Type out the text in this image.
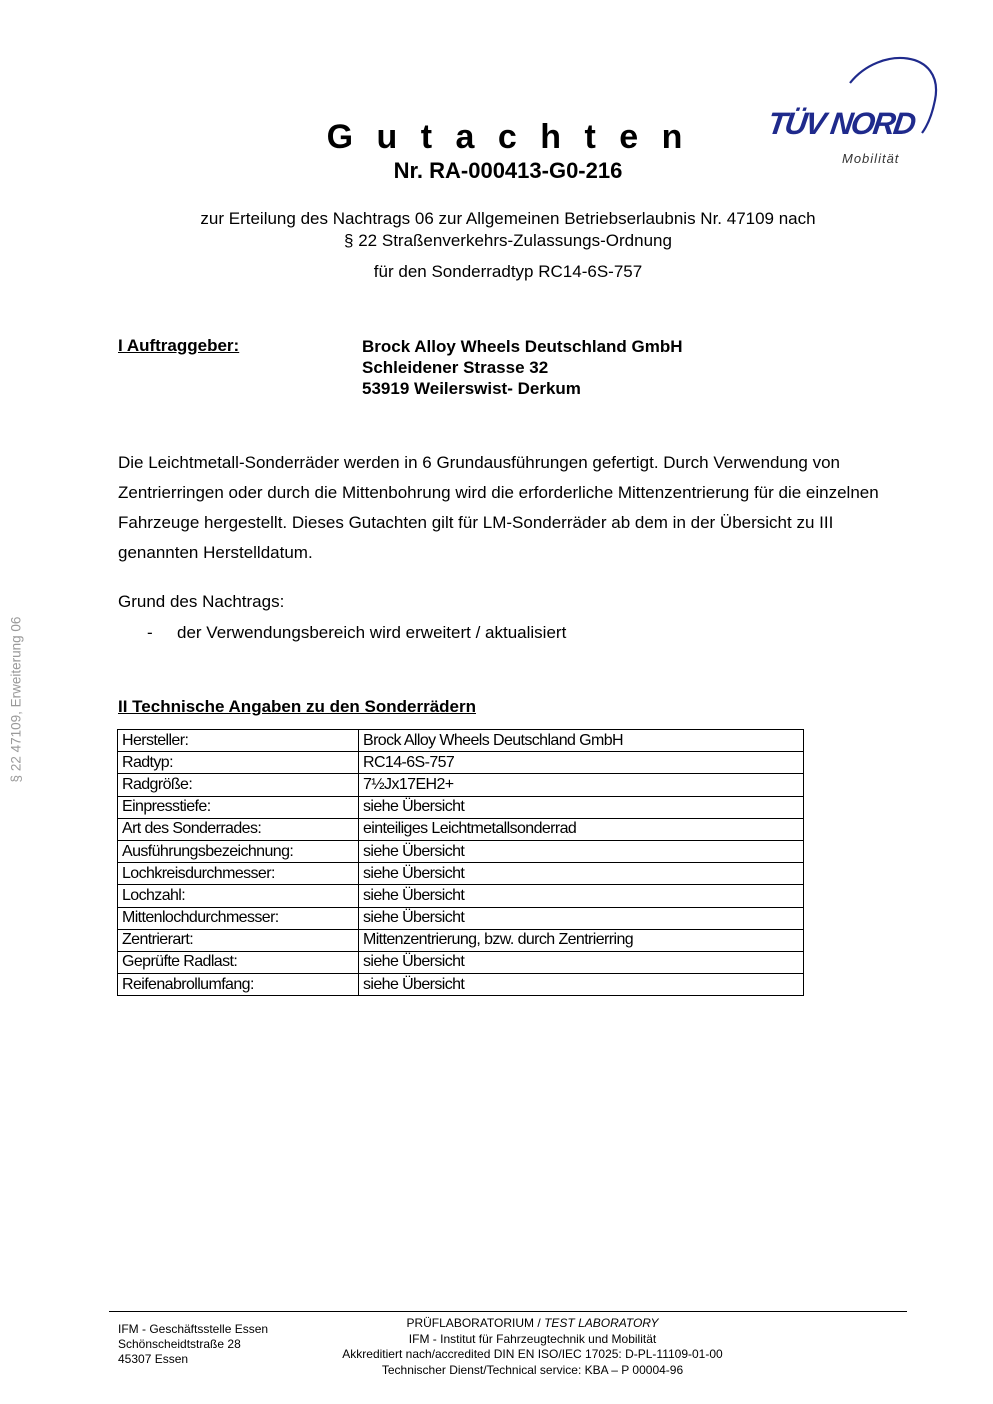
TÜV NORD
Mobilität
G u t a c h t e n
Nr. RA-000413-G0-216
zur Erteilung des Nachtrags 06 zur Allgemeinen Betriebserlaubnis Nr. 47109 nach
§ 22 Straßenverkehrs-Zulassungs-Ordnung
für den Sonderradtyp RC14-6S-757
§ 22 47109, Erweiterung 06
I Auftraggeber:	Brock Alloy Wheels Deutschland GmbH
Schleidener Strasse 32
53919 Weilerswist- Derkum
Die Leichtmetall-Sonderräder werden in 6 Grundausführungen gefertigt. Durch Verwendung von Zentrierringen oder durch die Mittenbohrung wird die erforderliche Mittenzentrierung für die einzelnen Fahrzeuge hergestellt. Dieses Gutachten gilt für LM-Sonderräder ab dem in der Übersicht zu III genannten Herstelldatum.
Grund des Nachtrags:
- der Verwendungsbereich wird erweitert / aktualisiert
II Technische Angaben zu den Sonderrädern
Hersteller:	Brock Alloy Wheels Deutschland GmbH
Radtyp:	RC14-6S-757
Radgröße:	7½Jx17EH2+
Einpresstiefe:	siehe Übersicht
Art des Sonderrades:	einteiliges Leichtmetallsonderrad
Ausführungsbezeichnung:	siehe Übersicht
Lochkreisdurchmesser:	siehe Übersicht
Lochzahl:	siehe Übersicht
Mittenlochdurchmesser:	siehe Übersicht
Zentrierart:	Mittenzentrierung, bzw. durch Zentrierring
Geprüfte Radlast:	siehe Übersicht
Reifenabrollumfang:	siehe Übersicht
IFM - Geschäftsstelle Essen
Schönscheidtstraße 28
45307 Essen
PRÜFLABORATORIUM / TEST LABORATORY
IFM - Institut für Fahrzeugtechnik und Mobilität
Akkreditiert nach/accredited DIN EN ISO/IEC 17025: D-PL-11109-01-00
Technischer Dienst/Technical service: KBA – P 00004-96
